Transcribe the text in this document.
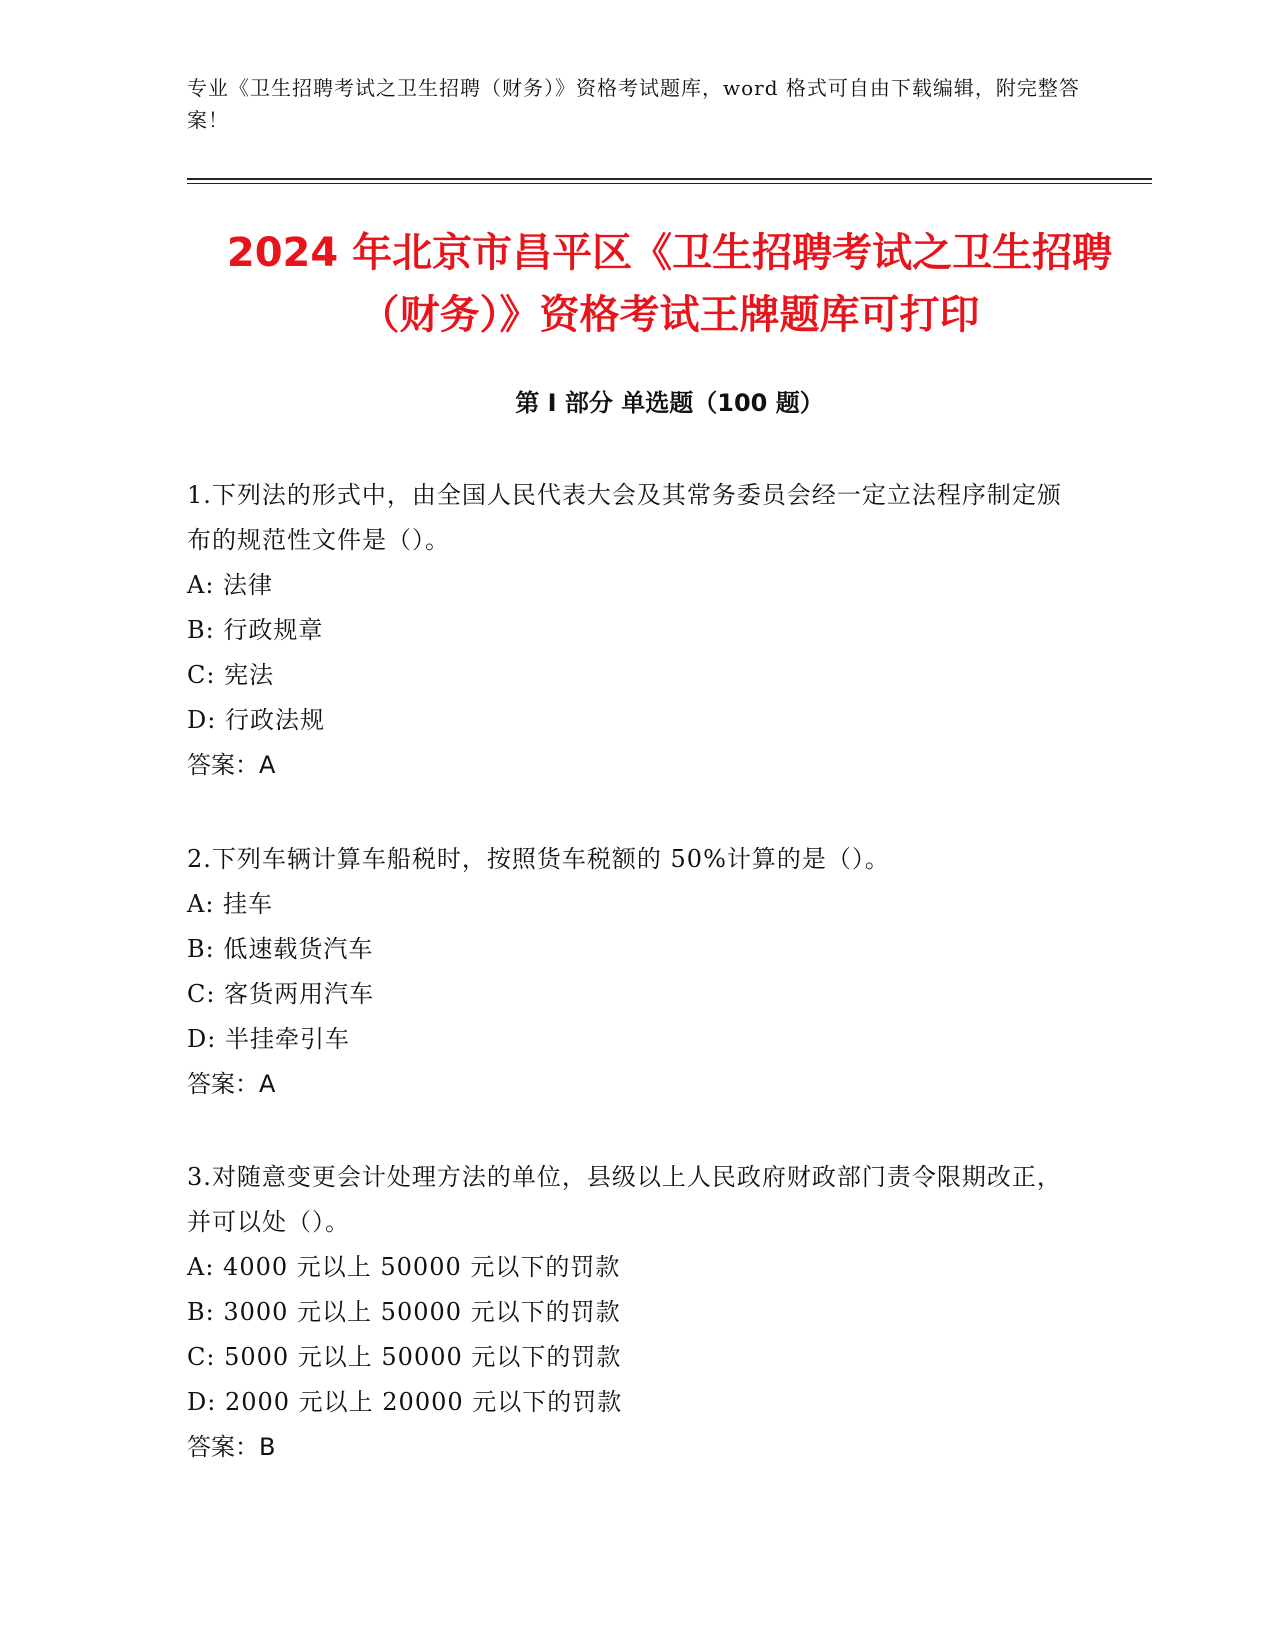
专业《卫生招聘考试之卫生招聘（财务）》资格考试题库，word 格式可自由下载编辑，附完整答案！
2024 年北京市昌平区《卫生招聘考试之卫生招聘（财务）》资格考试王牌题库可打印
第 I 部分 单选题（100 题）
1.下列法的形式中，由全国人民代表大会及其常务委员会经一定立法程序制定颁布的规范性文件是（）。
A: 法律
B: 行政规章
C: 宪法
D: 行政法规
答案：A
2.下列车辆计算车船税时，按照货车税额的 50%计算的是（）。
A: 挂车
B: 低速载货汽车
C: 客货两用汽车
D: 半挂牵引车
答案：A
3.对随意变更会计处理方法的单位，县级以上人民政府财政部门责令限期改正，并可以处（）。
A: 4000 元以上 50000 元以下的罚款
B: 3000 元以上 50000 元以下的罚款
C: 5000 元以上 50000 元以下的罚款
D: 2000 元以上 20000 元以下的罚款
答案：B
